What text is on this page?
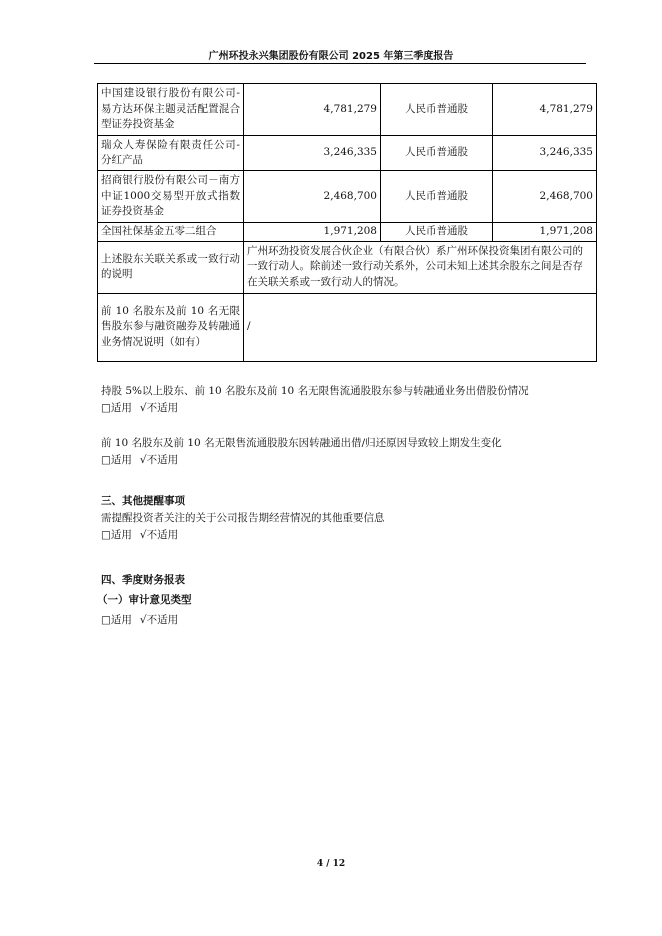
广州环投永兴集团股份有限公司 2025 年第三季度报告
中国建设银行股份有限公司-易方达环保主题灵活配置混合型证券投资基金	4,781,279	人民币普通股	4,781,279
瑞众人寿保险有限责任公司-分红产品	3,246,335	人民币普通股	3,246,335
招商银行股份有限公司－南方中证1000交易型开放式指数证券投资基金	2,468,700	人民币普通股	2,468,700
全国社保基金五零二组合	1,971,208	人民币普通股	1,971,208
上述股东关联关系或一致行动的说明	广州环劲投资发展合伙企业（有限合伙）系广州环保投资集团有限公司的一致行动人。除前述一致行动关系外，公司未知上述其余股东之间是否存在关联关系或一致行动人的情况。		
前 10 名股东及前 10 名无限售股东参与融资融券及转融通业务情况说明（如有）	/		
持股 5%以上股东、前 10 名股东及前 10 名无限售流通股股东参与转融通业务出借股份情况
□适用 √不适用
前 10 名股东及前 10 名无限售流通股股东因转融通出借/归还原因导致较上期发生变化
□适用 √不适用
三、其他提醒事项
需提醒投资者关注的关于公司报告期经营情况的其他重要信息
□适用 √不适用
四、季度财务报表
（一）审计意见类型
□适用 √不适用
4 / 12
